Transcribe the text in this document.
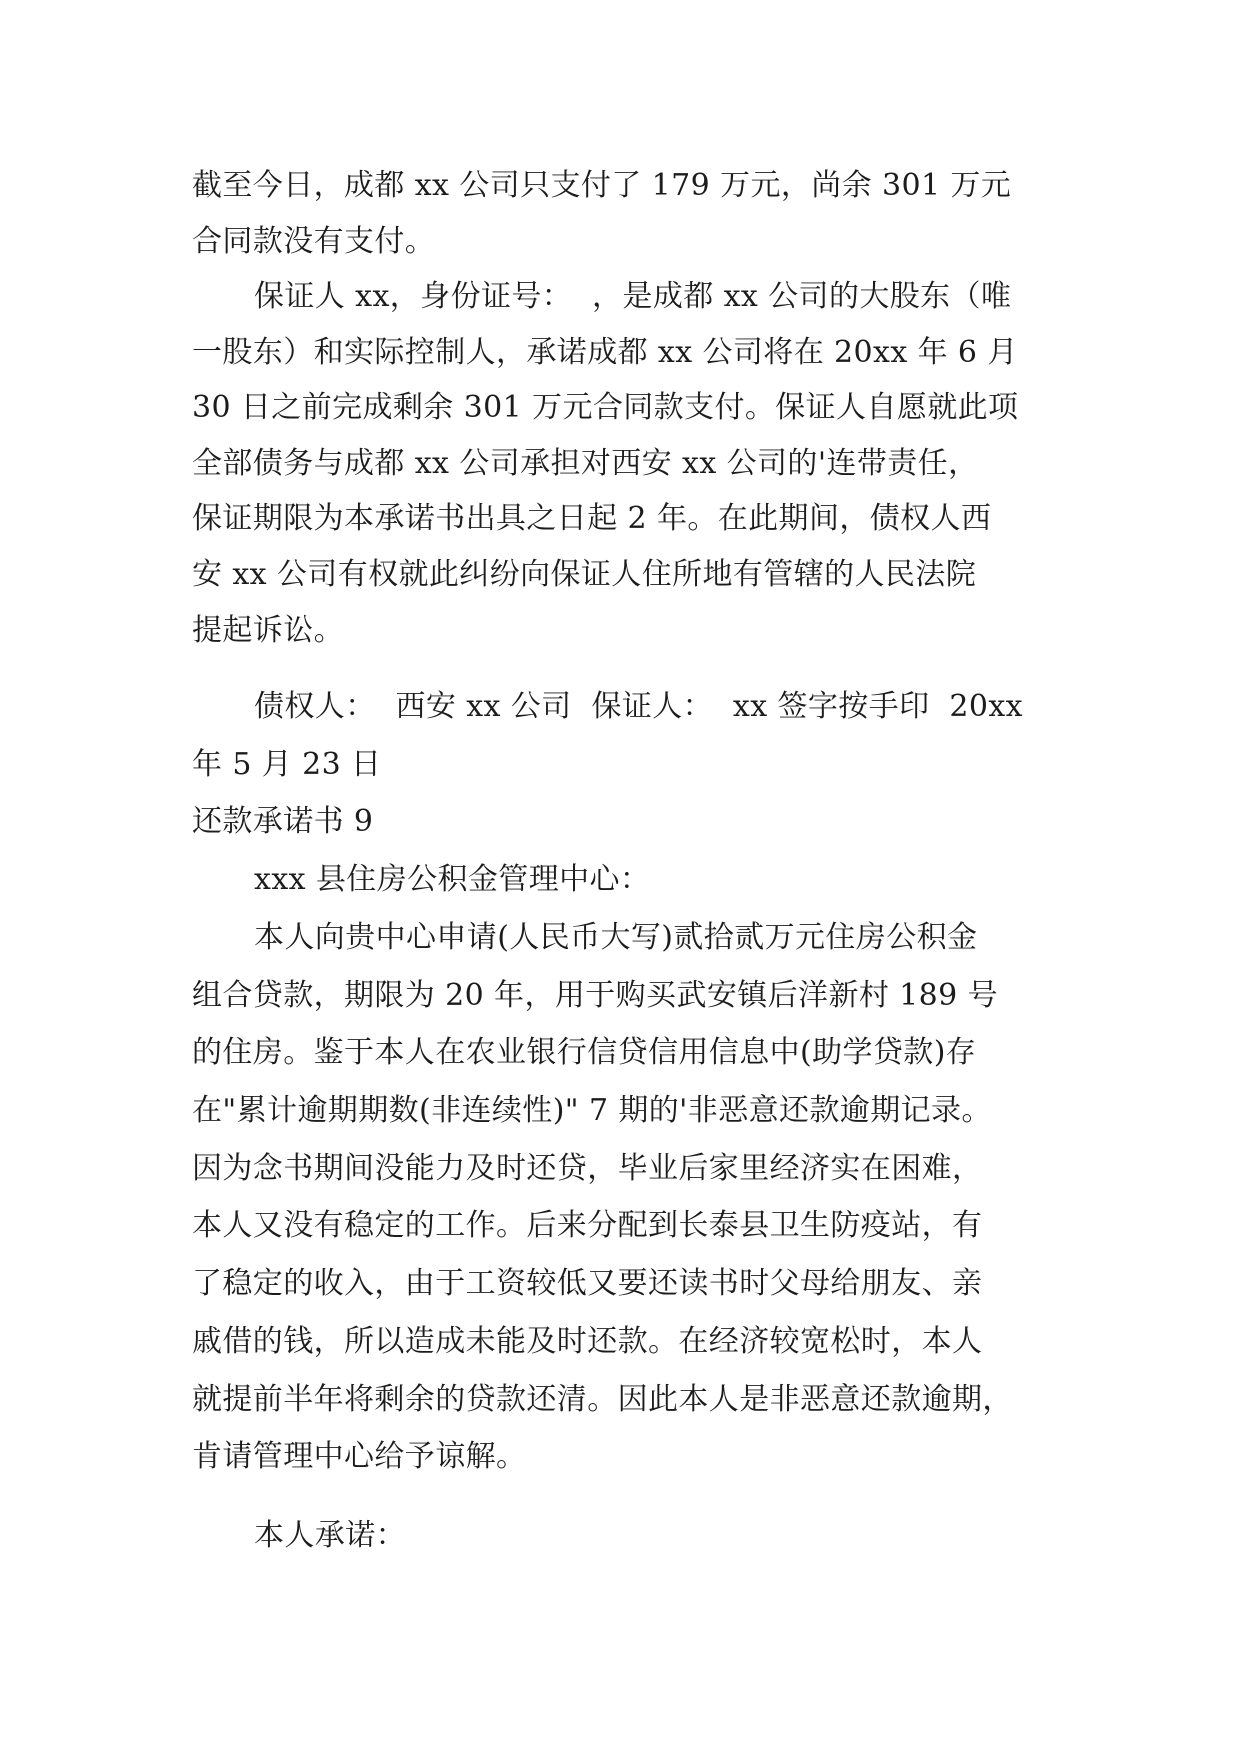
截至今日，成都 xx 公司只支付了 179 万元，尚余 301 万元
合同款没有支付。
保证人 xx，身份证号：  ，是成都 xx 公司的大股东（唯
一股东）和实际控制人，承诺成都 xx 公司将在 20xx 年 6 月
30 日之前完成剩余 301 万元合同款支付。保证人自愿就此项
全部债务与成都 xx 公司承担对西安 xx 公司的'连带责任，
保证期限为本承诺书出具之日起 2 年。在此期间，债权人西
安 xx 公司有权就此纠纷向保证人住所地有管辖的人民法院
提起诉讼。
债权人：  西安 xx 公司  保证人：  xx 签字按手印  20xx
年 5 月 23 日
还款承诺书 9
xxx 县住房公积金管理中心：
本人向贵中心申请(人民币大写)贰拾贰万元住房公积金
组合贷款，期限为 20 年，用于购买武安镇后洋新村 189 号
的住房。鉴于本人在农业银行信贷信用信息中(助学贷款)存
在"累计逾期期数(非连续性)" 7 期的'非恶意还款逾期记录。
因为念书期间没能力及时还贷，毕业后家里经济实在困难，
本人又没有稳定的工作。后来分配到长泰县卫生防疫站，有
了稳定的收入，由于工资较低又要还读书时父母给朋友、亲
戚借的钱，所以造成未能及时还款。在经济较宽松时，本人
就提前半年将剩余的贷款还清。因此本人是非恶意还款逾期，
肯请管理中心给予谅解。
本人承诺：
